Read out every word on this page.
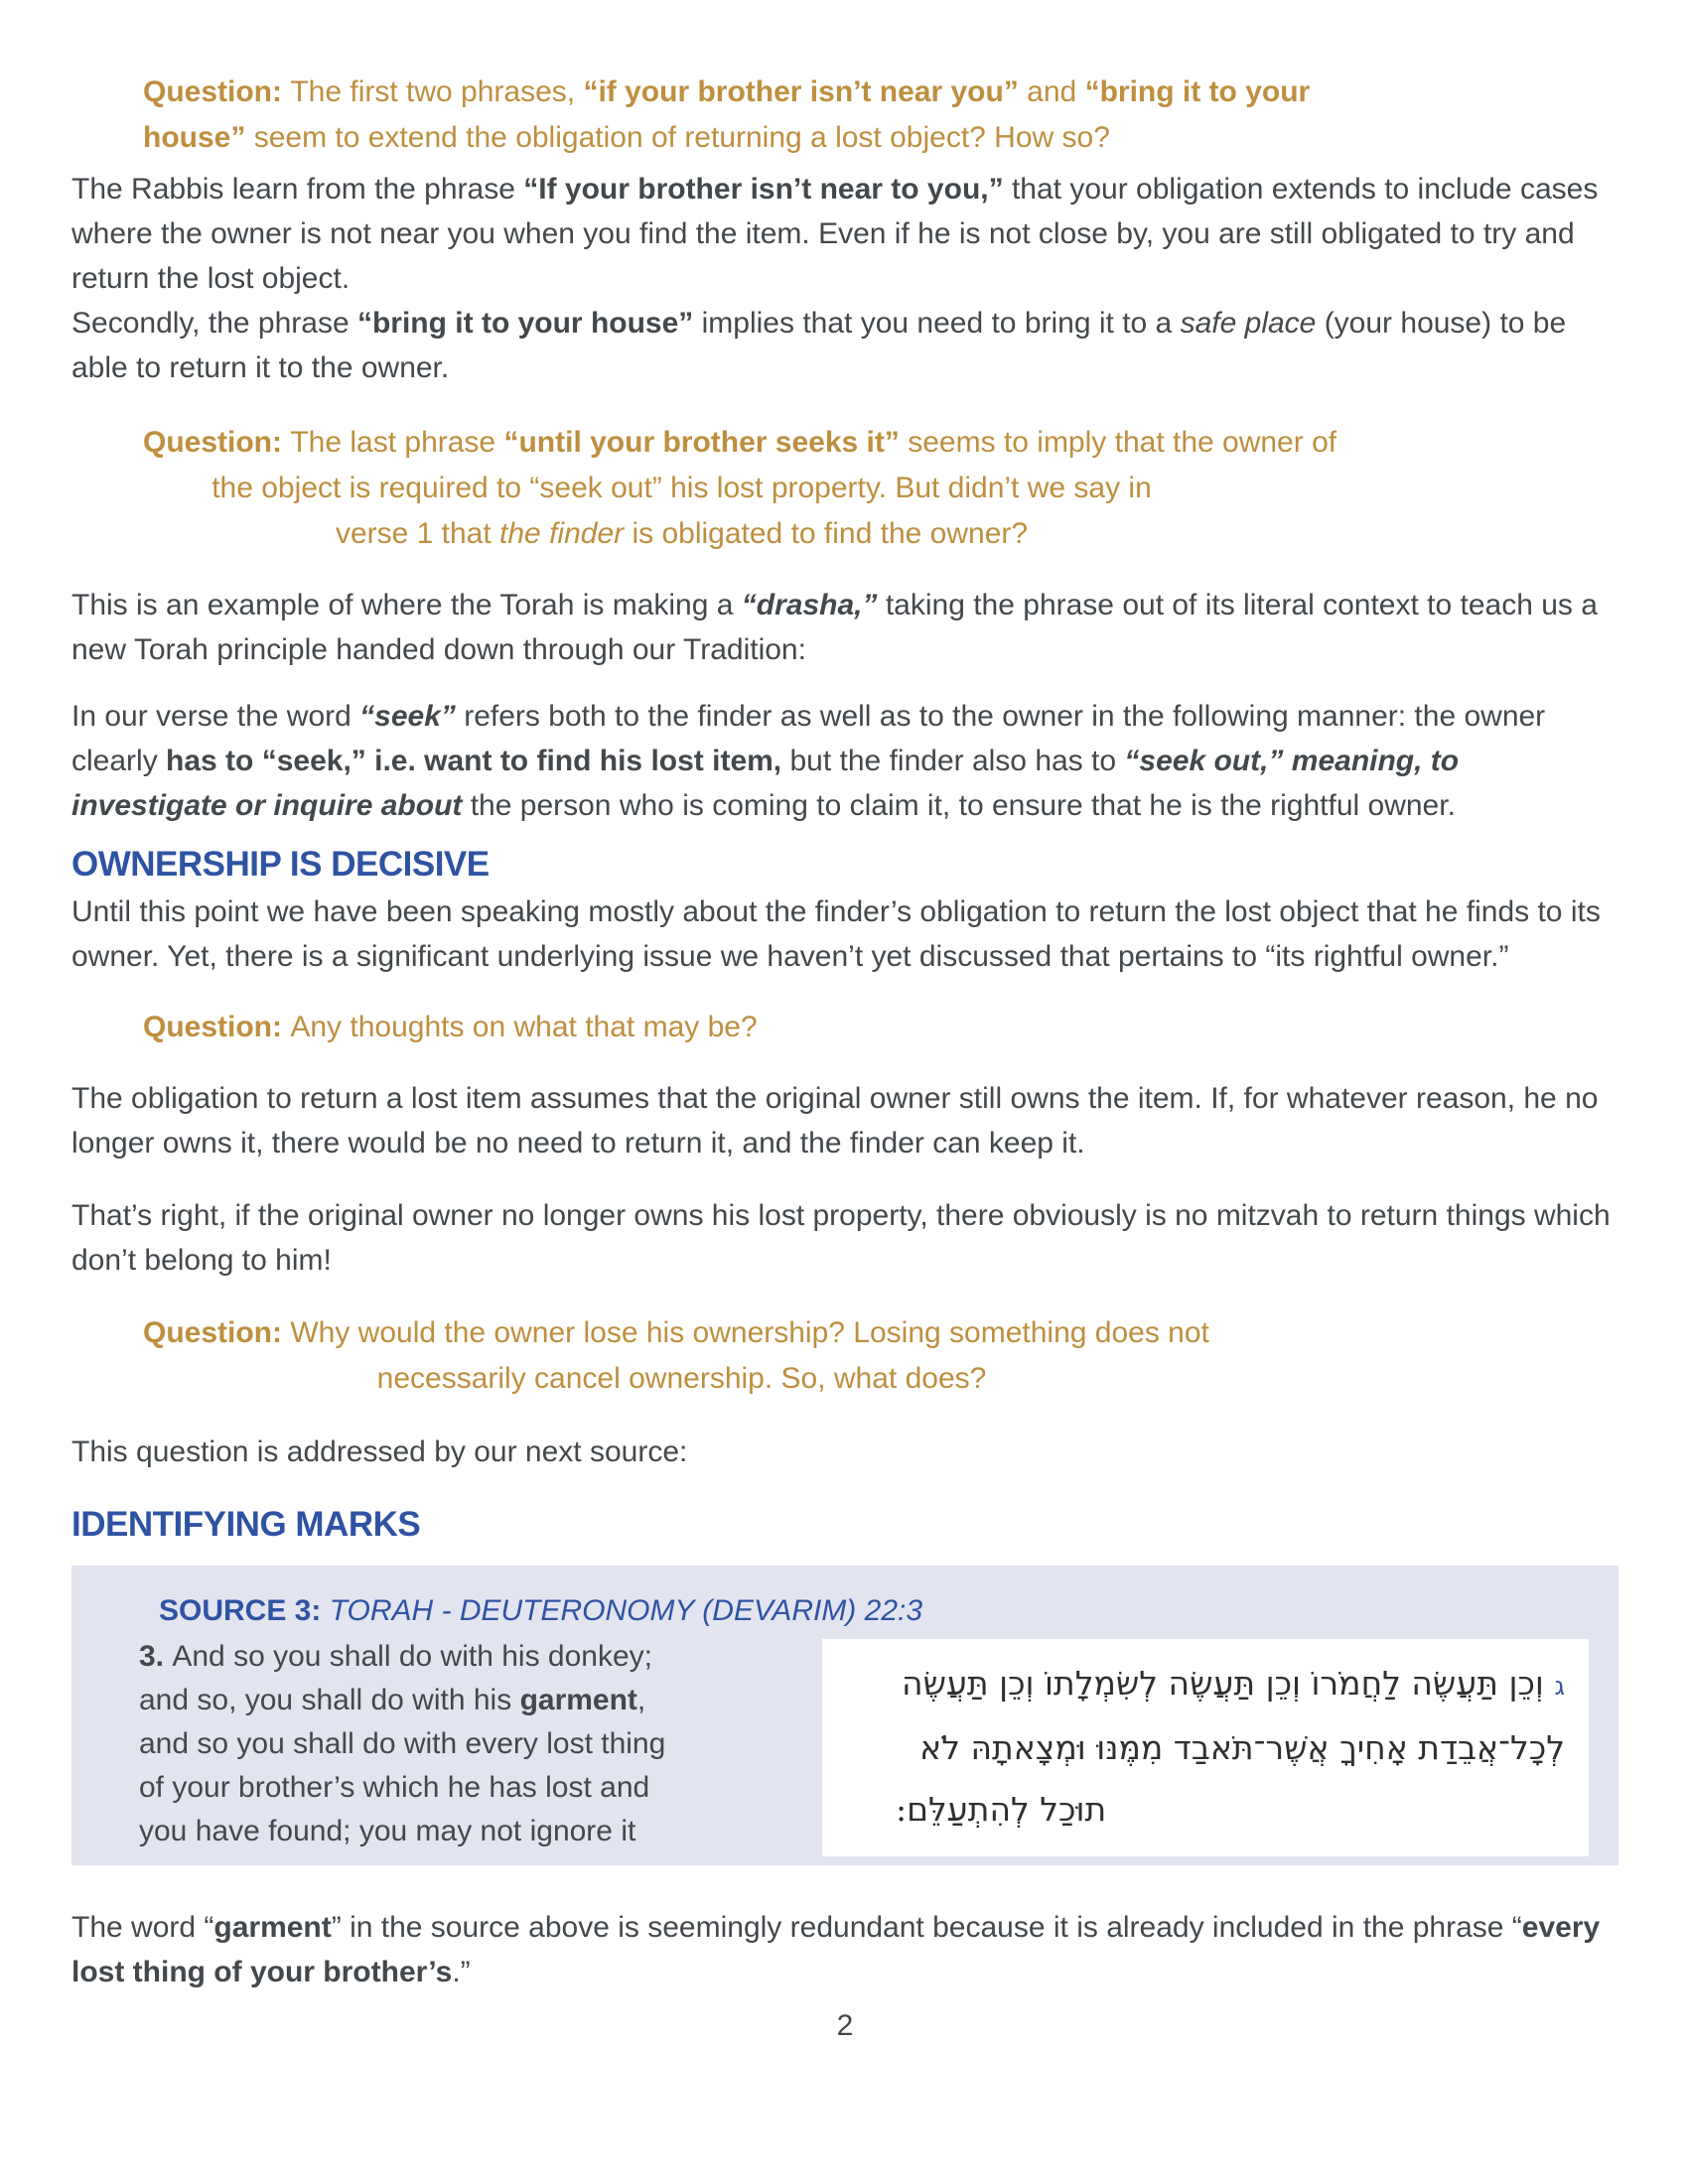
Question: The first two phrases, “if your brother isn’t near you” and “bring it to your
house” seem to extend the obligation of returning a lost object? How so?

The Rabbis learn from the phrase “If your brother isn’t near to you,” that your obligation extends to include cases where the owner is not near you when you find the item. Even if he is not close by, you are still obligated to try and return the lost object.
Secondly, the phrase “bring it to your house” implies that you need to bring it to a safe place (your house) to be able to return it to the owner.

Question: The last phrase “until your brother seeks it” seems to imply that the owner of
the object is required to “seek out” his lost property. But didn’t we say in
verse 1 that the finder is obligated to find the owner?

This is an example of where the Torah is making a “drasha,” taking the phrase out of its literal context to teach us a new Torah principle handed down through our Tradition:

In our verse the word “seek” refers both to the finder as well as to the owner in the following manner: the owner clearly has to “seek,” i.e. want to find his lost item, but the finder also has to “seek out,” meaning, to investigate or inquire about the person who is coming to claim it, to ensure that he is the rightful owner.

OWNERSHIP IS DECISIVE

Until this point we have been speaking mostly about the finder’s obligation to return the lost object that he finds to its owner. Yet, there is a significant underlying issue we haven’t yet discussed that pertains to “its rightful owner.”

Question: Any thoughts on what that may be?

The obligation to return a lost item assumes that the original owner still owns the item. If, for whatever reason, he no longer owns it, there would be no need to return it, and the finder can keep it.

That’s right, if the original owner no longer owns his lost property, there obviously is no mitzvah to return things which don’t belong to him!

Question: Why would the owner lose his ownership? Losing something does not
necessarily cancel ownership. So, what does?

This question is addressed by our next source:

IDENTIFYING MARKS
SOURCE 3: TORAH - DEUTERONOMY (DEVARIM) 22:3
3. And so you shall do with his donkey;
and so, you shall do with his garment,
and so you shall do with every lost thing
of your brother’s which he has lost and
you have found; you may not ignore it
ג וְכֵן תַּעֲשֶׂה לַחֲמֹרוֹ וְכֵן תַּעֲשֶׂה לְשִׂמְלָתוֹ וְכֵן תַּעֲשֶׂה
לְכָל־אֲבֵדַת אָחִיךָ אֲשֶׁר־תֹּאבַד מִמֶּנּוּ וּמְצָאתָהּ לֹא
תוּכַל לְהִתְעַלֵּם:

The word “garment” in the source above is seemingly redundant because it is already included in the phrase “every lost thing of your brother’s.”

2
